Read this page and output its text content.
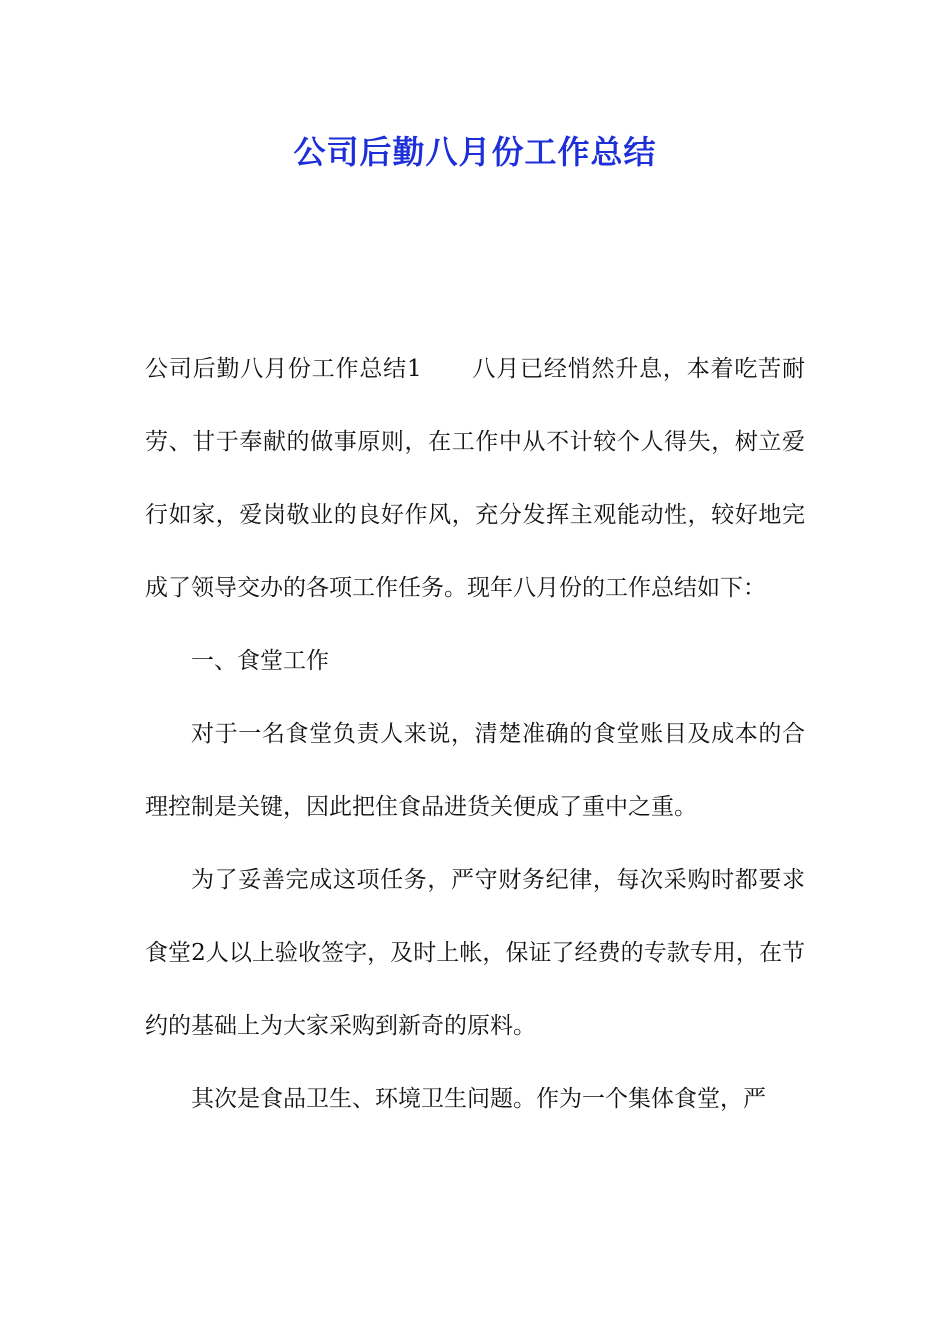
公司后勤八月份工作总结

公司后勤八月份工作总结1 八月已经悄然升息，本着吃苦耐劳、甘于奉献的做事原则，在工作中从不计较个人得失，树立爱行如家，爱岗敬业的良好作风，充分发挥主观能动性，较好地完成了领导交办的各项工作任务。现年八月份的工作总结如下：

一、食堂工作

对于一名食堂负责人来说，清楚准确的食堂账目及成本的合理控制是关键，因此把住食品进货关便成了重中之重。

为了妥善完成这项任务，严守财务纪律，每次采购时都要求食堂2人以上验收签字，及时上帐，保证了经费的专款专用，在节约的基础上为大家采购到新奇的原料。

其次是食品卫生、环境卫生问题。作为一个集体食堂，严
